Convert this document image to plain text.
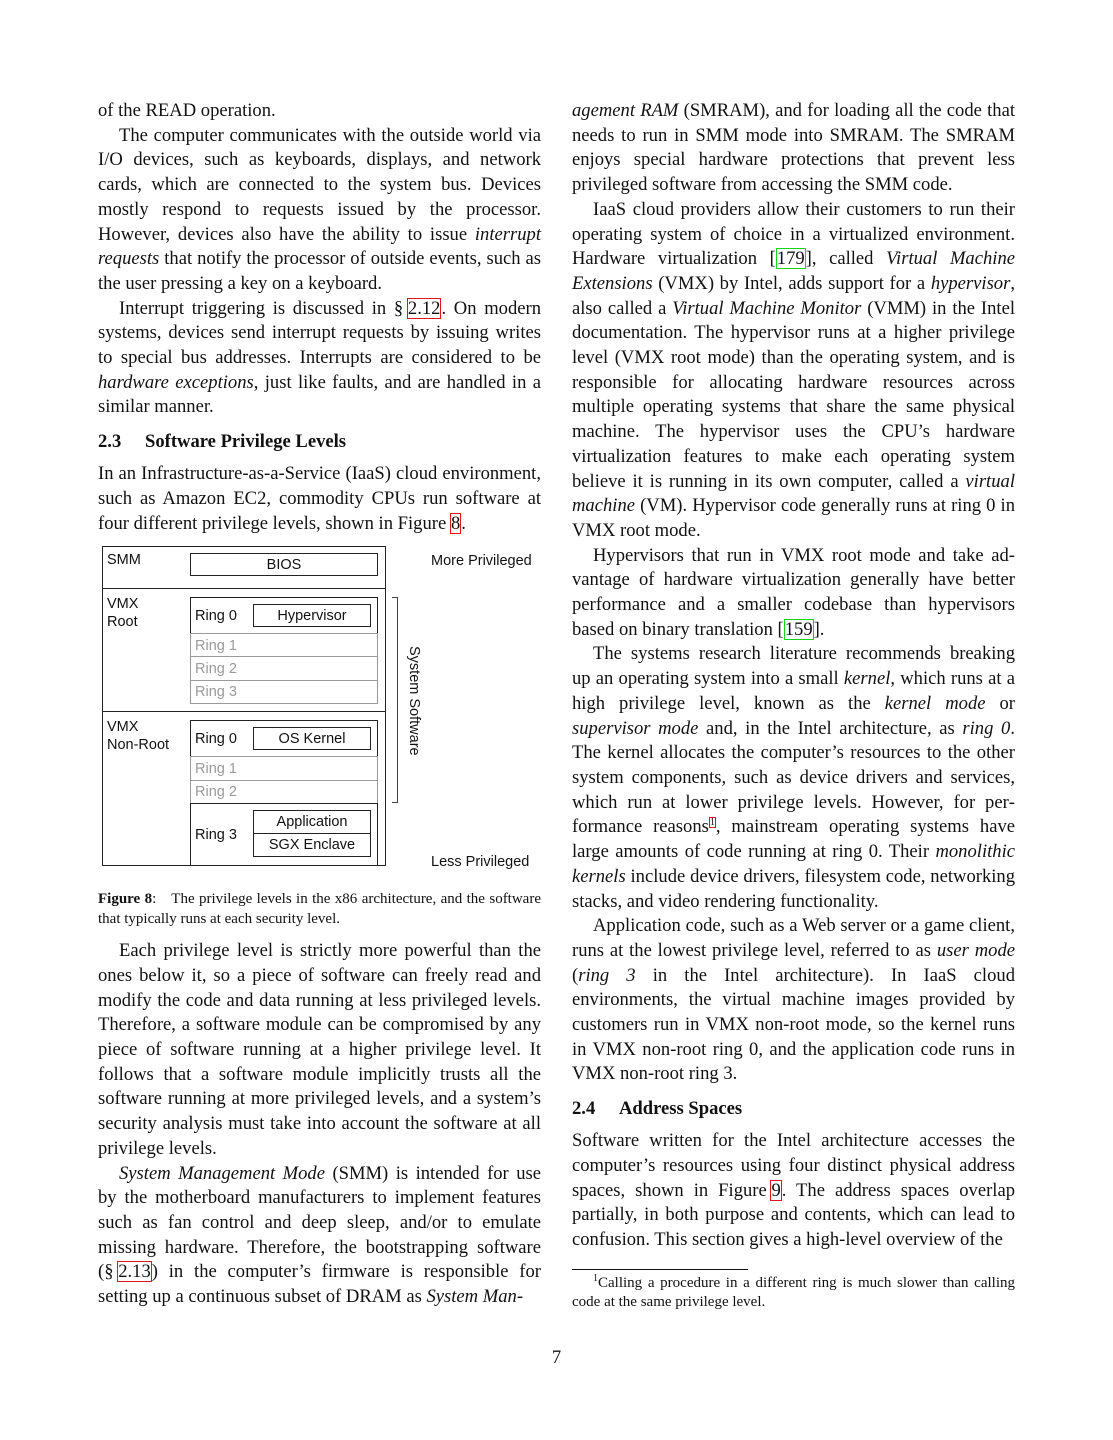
of the READ operation.

The computer communicates with the outside world via I/O devices, such as keyboards, displays, and network cards, which are connected to the system bus. Devices mostly respond to requests issued by the processor. However, devices also have the ability to issue interrupt requests that notify the processor of outside events, such as the user pressing a key on a keyboard.

Interrupt triggering is discussed in § 2.12. On modern systems, devices send interrupt requests by issuing writes to special bus addresses. Interrupts are considered to be hardware exceptions, just like faults, and are handled in a similar manner.

2.3 Software Privilege Levels

In an Infrastructure-as-a-Service (IaaS) cloud environment, such as Amazon EC2, commodity CPUs run software at four different privilege levels, shown in Figure 8.

SMM	BIOS
VMX
Root	Ring 0	Hypervisor
Ring 1
Ring 2
Ring 3
VMX
Non-Root Ring 0	OS Kernel
Ring 1
Ring 2
Ring 3
Application
SGX Enclave
System Software
More Privileged
Less Privileged
Figure 8: The privilege levels in the x86 architecture, and the software that typically runs at each security level.

Each privilege level is strictly more powerful than the ones below it, so a piece of software can freely read and modify the code and data running at less privileged levels. Therefore, a software module can be compromised by any piece of software running at a higher privilege level. It follows that a software module implicitly trusts all the software running at more privileged levels, and a system’s security analysis must take into account the software at all privilege levels.

System Management Mode (SMM) is intended for use by the motherboard manufacturers to implement features such as fan control and deep sleep, and/or to emulate missing hardware. Therefore, the bootstrapping software (§ 2.13) in the computer’s firmware is responsible for setting up a continuous subset of DRAM as System Man-

agement RAM (SMRAM), and for loading all the code that needs to run in SMM mode into SMRAM. The SMRAM enjoys special hardware protections that prevent less privileged software from accessing the SMM code.

IaaS cloud providers allow their customers to run their operating system of choice in a virtualized environment. Hardware virtualization [179], called Virtual Machine Extensions (VMX) by Intel, adds support for a hypervisor, also called a Virtual Machine Monitor (VMM) in the Intel documentation. The hypervisor runs at a higher privilege level (VMX root mode) than the operating system, and is responsible for allocating hardware resources across multiple operating systems that share the same physical machine. The hypervisor uses the CPU’s hardware virtualization features to make each operating system believe it is running in its own computer, called a virtual machine (VM). Hypervisor code generally runs at ring 0 in VMX root mode.

Hypervisors that run in VMX root mode and take advantage of hardware virtualization generally have better performance and a smaller codebase than hypervisors based on binary translation [159].

The systems research literature recommends breaking up an operating system into a small kernel, which runs at a high privilege level, known as the kernel mode or supervisor mode and, in the Intel architecture, as ring 0. The kernel allocates the computer’s resources to the other system components, such as device drivers and services, which run at lower privilege levels. However, for performance reasons$^1$, mainstream operating systems have large amounts of code running at ring 0. Their monolithic kernels include device drivers, filesystem code, networking stacks, and video rendering functionality.

Application code, such as a Web server or a game client, runs at the lowest privilege level, referred to as user mode (ring 3 in the Intel architecture). In IaaS cloud environments, the virtual machine images provided by customers run in VMX non-root mode, so the kernel runs in VMX non-root ring 0, and the application code runs in VMX non-root ring 3.

2.4 Address Spaces

Software written for the Intel architecture accesses the computer’s resources using four distinct physical address spaces, shown in Figure 9. The address spaces overlap partially, in both purpose and contents, which can lead to confusion. This section gives a high-level overview of the

$^1$Calling a procedure in a different ring is much slower than calling code at the same privilege level.

7
